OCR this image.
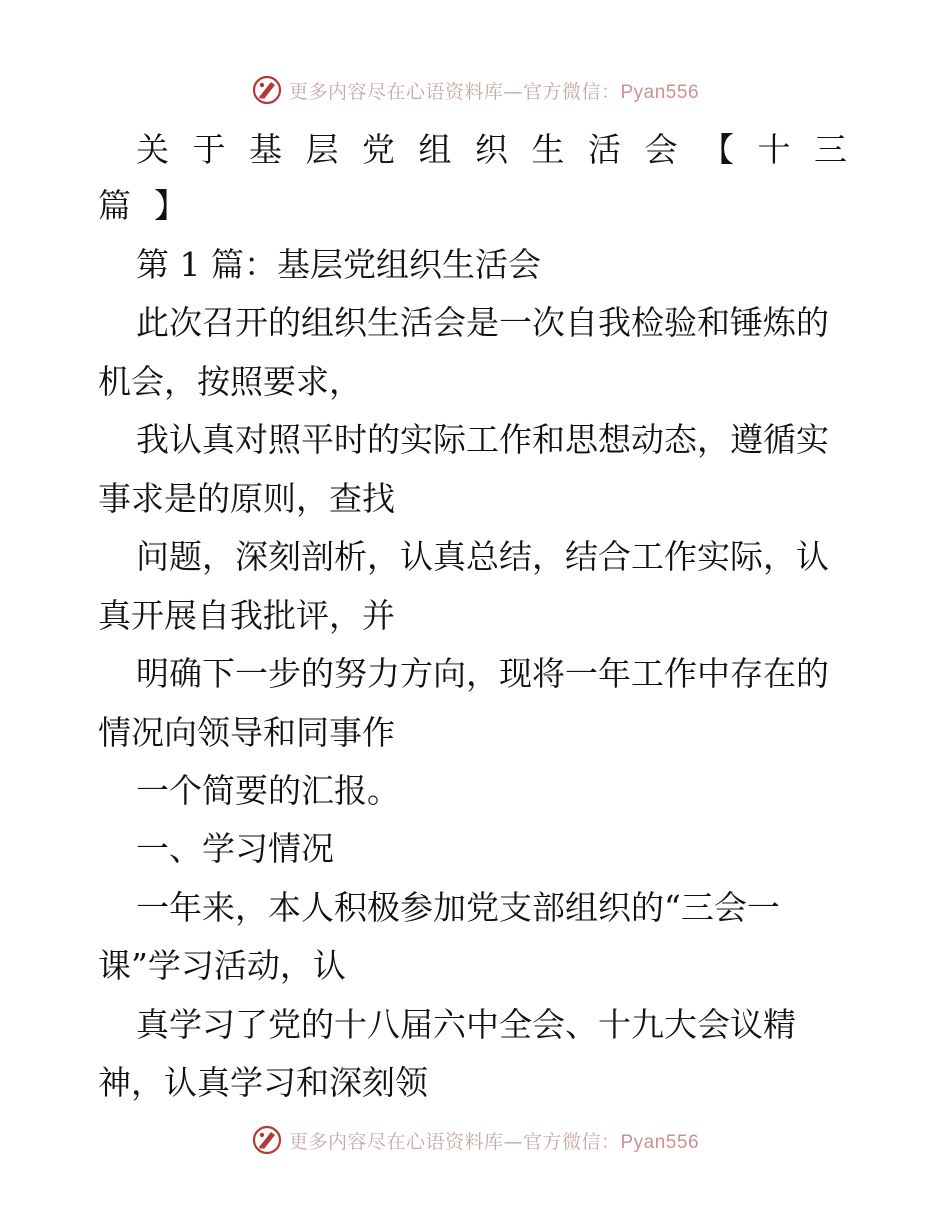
更多内容尽在心语资料库—官方微信：Pyan556
关于基层党组织生活会【十三
篇】
第 1 篇：基层党组织生活会
此次召开的组织生活会是一次自我检验和锤炼的
机会，按照要求，
我认真对照平时的实际工作和思想动态，遵循实
事求是的原则，查找
问题，深刻剖析，认真总结，结合工作实际，认
真开展自我批评，并
明确下一步的努力方向，现将一年工作中存在的
情况向领导和同事作
一个简要的汇报。
一、学习情况
一年来，本人积极参加党支部组织的“三会一
课”学习活动，认
真学习了党的十八届六中全会、十九大会议精
神，认真学习和深刻领
更多内容尽在心语资料库—官方微信：Pyan556
